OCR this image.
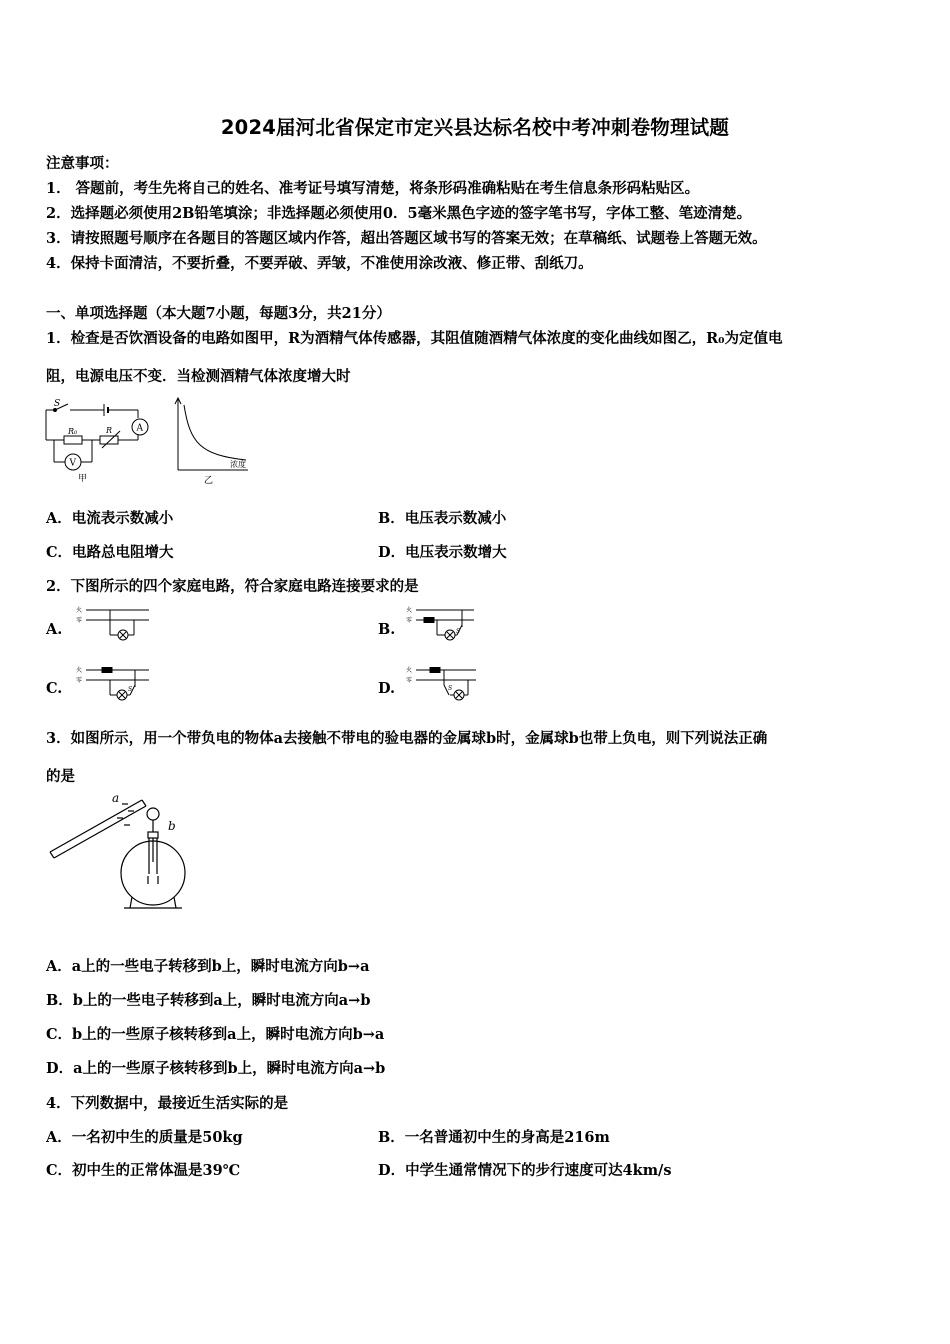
2024届河北省保定市定兴县达标名校中考冲刺卷物理试题
注意事项：
1． 答题前，考生先将自己的姓名、准考证号填写清楚，将条形码准确粘贴在考生信息条形码粘贴区。
2．选择题必须使用2B铅笔填涂；非选择题必须使用0．5毫米黑色字迹的签字笔书写，字体工整、笔迹清楚。
3．请按照题号顺序在各题目的答题区域内作答，超出答题区域书写的答案无效；在草稿纸、试题卷上答题无效。
4．保持卡面清洁，不要折叠，不要弄破、弄皱，不准使用涂改液、修正带、刮纸刀。
一、单项选择题（本大题7小题，每题3分，共21分）
1．检查是否饮酒设备的电路如图甲，R为酒精气体传感器，其阻值随酒精气体浓度的变化曲线如图乙，R₀为定值电
阻，电源电压不变．当检测酒精气体浓度增大时
S
R₀	R	A
V
甲	乙
浓度
A．电流表示数减小	B．电压表示数减小
C．电路总电阻增大	D．电压表示数增大
2．下图所示的四个家庭电路，符合家庭电路连接要求的是
A.
火
零
B.
火
零
S
C.
火
零
S	D.
火
零
S
3．如图所示，用一个带负电的物体a去接触不带电的验电器的金属球b时，金属球b也带上负电，则下列说法正确
的是
a
b
A．a上的一些电子转移到b上，瞬时电流方向b→a
B．b上的一些电子转移到a上，瞬时电流方向a→b
C．b上的一些原子核转移到a上，瞬时电流方向b→a
D．a上的一些原子核转移到b上，瞬时电流方向a→b
4．下列数据中，最接近生活实际的是
A．一名初中生的质量是50kg	B．一名普通初中生的身高是216m
C．初中生的正常体温是39℃	D．中学生通常情况下的步行速度可达4km/s
